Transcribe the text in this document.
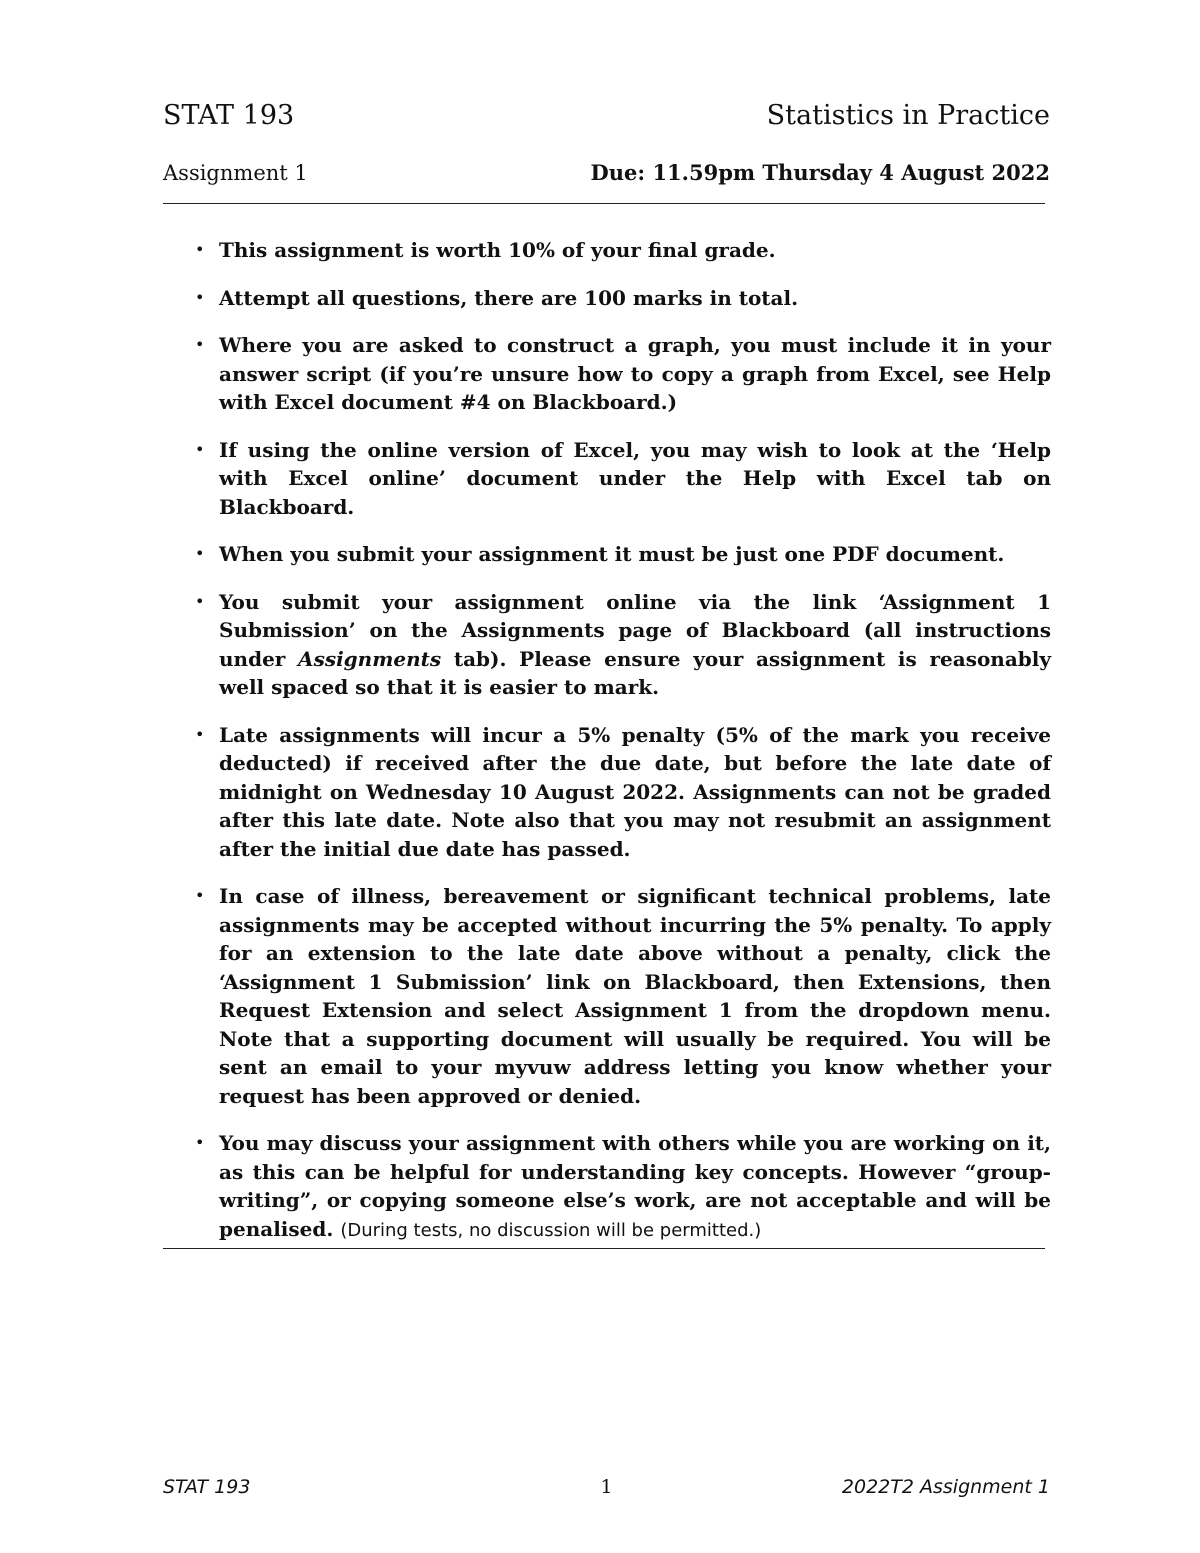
STAT 193	Statistics in Practice
Assignment 1	Due: 11.59pm Thursday 4 August 2022
• This assignment is worth 10% of your final grade.
• Attempt all questions, there are 100 marks in total.
• Where you are asked to construct a graph, you must include it in your answer script (if you’re unsure how to copy a graph from Excel, see Help with Excel document #4 on Blackboard.)
• If using the online version of Excel, you may wish to look at the ‘Help with Excel online’ document under the Help with Excel tab on Blackboard.
• When you submit your assignment it must be just one PDF document.
• You submit your assignment online via the link ‘Assignment 1 Submission’ on the Assignments page of Blackboard (all instructions under Assignments tab). Please ensure your assignment is reasonably well spaced so that it is easier to mark.
• Late assignments will incur a 5% penalty (5% of the mark you receive deducted) if received after the due date, but before the late date of midnight on Wednesday 10 August 2022. Assignments can not be graded after this late date. Note also that you may not resubmit an assignment after the initial due date has passed.
• In case of illness, bereavement or significant technical problems, late assignments may be accepted without incurring the 5% penalty. To apply for an extension to the late date above without a penalty, click the ‘Assignment 1 Submission’ link on Blackboard, then Extensions, then Request Extension and select Assignment 1 from the dropdown menu. Note that a supporting document will usually be required. You will be sent an email to your myvuw address letting you know whether your request has been approved or denied.
• You may discuss your assignment with others while you are working on it, as this can be helpful for understanding key concepts. However “group-writing”, or copying someone else’s work, are not acceptable and will be penalised. (During tests, no discussion will be permitted.)
STAT 193	1	2022T2 Assignment 1
